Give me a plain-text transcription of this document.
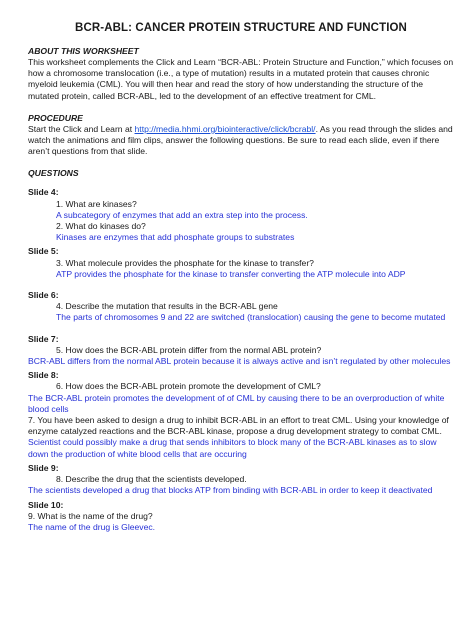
BCR-ABL: CANCER PROTEIN STRUCTURE AND FUNCTION
ABOUT THIS WORKSHEET
This worksheet complements the Click and Learn “BCR-ABL: Protein Structure and Function,” which focuses on how a chromosome translocation (i.e., a type of mutation) results in a mutated protein that causes chronic myeloid leukemia (CML). You will then hear and read the story of how understanding the structure of the mutated protein, called BCR-ABL, led to the development of an effective treatment for CML.
PROCEDURE
Start the Click and Learn at http://media.hhmi.org/biointeractive/click/bcrabl/. As you read through the slides and watch the animations and film clips, answer the following questions. Be sure to read each slide, even if there aren’t questions from that slide.
QUESTIONS
Slide 4:
1. What are kinases?
A subcategory of enzymes that add an extra step into the process.
2. What do kinases do?
Kinases are enzymes that add phosphate groups to substrates
Slide 5:
3. What molecule provides the phosphate for the kinase to transfer?
ATP provides the phosphate for the kinase to transfer converting the ATP molecule into ADP
Slide 6:
4. Describe the mutation that results in the BCR-ABL gene
The parts of chromosomes 9 and 22 are switched (translocation) causing the gene to become mutated
Slide 7:
5. How does the BCR-ABL protein differ from the normal ABL protein?
BCR-ABL differs from the normal ABL protein because it is always active and isn’t regulated by other molecules
Slide 8:
6. How does the BCR-ABL protein promote the development of CML?
The BCR-ABL protein promotes the development of of CML by causing there to be an overproduction of white blood cells
7. You have been asked to design a drug to inhibit BCR-ABL in an effort to treat CML. Using your knowledge of enzyme catalyzed reactions and the BCR-ABL kinase, propose a drug development strategy to combat CML.
Scientist could possibly make a drug that sends inhibitors to block many of the BCR-ABL kinases as to slow down the production of white blood cells that are occuring
Slide 9:
8. Describe the drug that the scientists developed.
The scientists developed a drug that blocks ATP from binding with BCR-ABL in order to keep it deactivated
Slide 10:
9. What is the name of the drug?
The name of the drug is Gleevec.
